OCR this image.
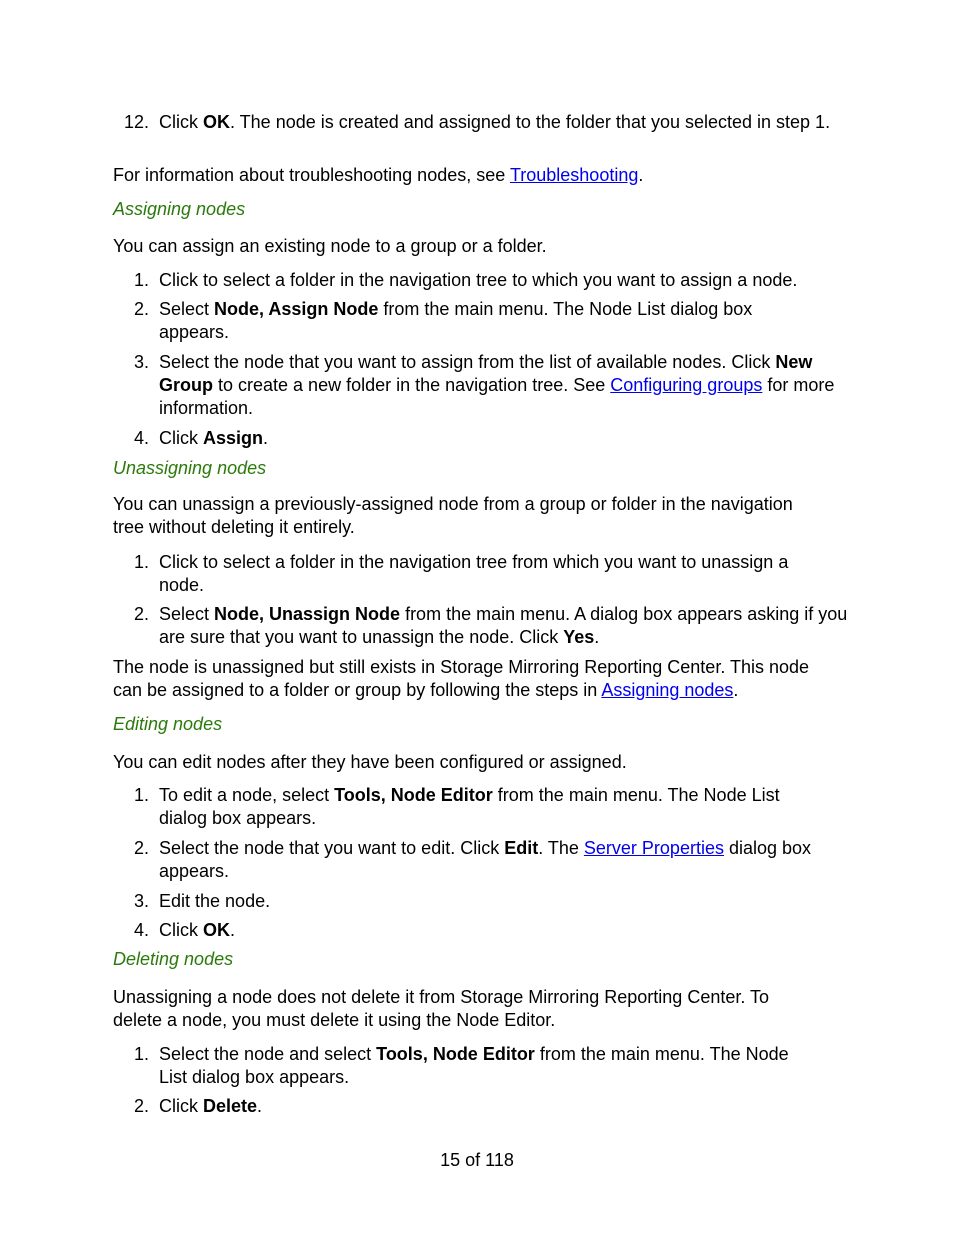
12. Click OK. The node is created and assigned to the folder that you selected in step 1.
For information about troubleshooting nodes, see Troubleshooting.
Assigning nodes
You can assign an existing node to a group or a folder.
1. Click to select a folder in the navigation tree to which you want to assign a node.
2. Select Node, Assign Node from the main menu. The Node List dialog box appears.
3. Select the node that you want to assign from the list of available nodes. Click New Group to create a new folder in the navigation tree. See Configuring groups for more information.
4. Click Assign.
Unassigning nodes
You can unassign a previously-assigned node from a group or folder in the navigation tree without deleting it entirely.
1. Click to select a folder in the navigation tree from which you want to unassign a node.
2. Select Node, Unassign Node from the main menu. A dialog box appears asking if you are sure that you want to unassign the node. Click Yes.
The node is unassigned but still exists in Storage Mirroring Reporting Center. This node can be assigned to a folder or group by following the steps in Assigning nodes.
Editing nodes
You can edit nodes after they have been configured or assigned.
1. To edit a node, select Tools, Node Editor from the main menu. The Node List dialog box appears.
2. Select the node that you want to edit. Click Edit. The Server Properties dialog box appears.
3. Edit the node.
4. Click OK.
Deleting nodes
Unassigning a node does not delete it from Storage Mirroring Reporting Center. To delete a node, you must delete it using the Node Editor.
1. Select the node and select Tools, Node Editor from the main menu. The Node List dialog box appears.
2. Click Delete.
15 of 118
